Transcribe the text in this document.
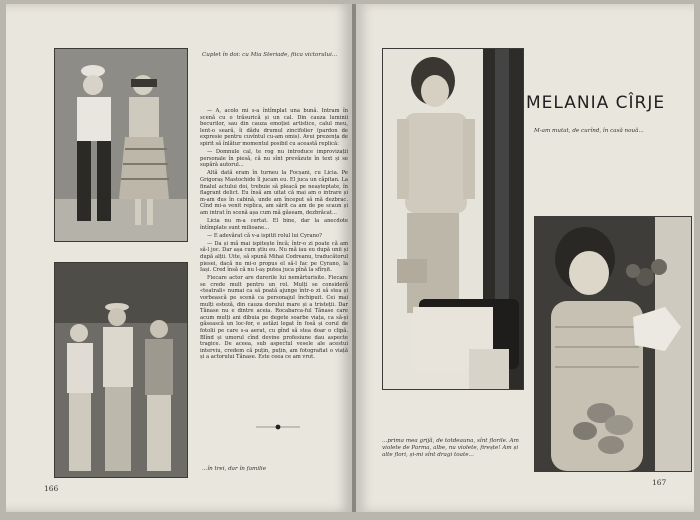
Cuplet în doi: cu Mia Steriade, fiica victorului...

— A, acolo mi s-a întîmplat una bună. Intram în scenă cu o trăsurică și un cal. Din cauza luminii becurilor, sau din cauza emoției artistice, calul meu, lent-o seară, îi dădu drumul zincifolier (pardon de expresie pentru cuvîntul cu-am omis). Avui prezența de spirit să înlătur momentul posibil cu această replică:

— Domnule cal, te rog nu introduce improvizații personale în piesă, că nu sînt prevăzute în text și se supără autorul...

Altă dată eram în turneu la Focșani, cu Licia. Pe Grigoraș Mastochide îl jucam eu. El juca un căpitan. La finalul actului doi, trebuie să pleacă pe neașteptate, în flagrant delict. Eu însă am uitat că mai am o intrare și m-am dus în cabină, unde am început să mă dezbrac. Cînd mi-a venit replica, am sărit ca am de pe scaun și am intrat în scenă așa cum mă găseam, dezbrăcat...

Licia nu m-a certat. El bine, dar la anecdote întîmplate sunt milioane...

— E adevărat că v-a ispitit rolul lui Cyrano?

— Da și mă mai ispitește încă; într-o zi poate că am să-l joc. Dar așa cum știu eu. Nu mă iau eu după unii și după alții. Uite, să spună Mihai Codreanu, traducătorul piesei, dacă nu mi-o propus el să-l fac pe Cyrano, la Iași. Cred însă că nu l-aș putea juca pînă la sfîrșit.

Fiecare actor are durerile lui nemărturisite. Fiecare se crede mult pentru un rol. Mulți se consideră «teatrali» numai ca să poată ajunge într-o zi să stea și vorbească pe scenă ca personajul închipuit. Cei mai mulți esteză, din cauza dorului mare și a tristeții. Dar Tănase nu e dintre aceia. Rocabarca-ful Tănase care acum mulți ani dibuia pe degete soarbe viața, ca să-și găsească un loc-for, e astăzi legat în fosă și corul de fotolii pe care s-a aerat, cu gînd să stea doar o clipă. Blînd și umorul cînd devine profesiune dau aspecte tragice. De aceea, sub aspectul vesele ale acestui interviu, credem că puțin, puțin, am fotografiat o viață și a actorului Tănase. Este ceea ce am vrut.

...în trei, dar în familie
166
MELANIA CÎRJE
M-am mutat, de curînd, în casă nouă...
...prima mea grijă, de totdeauna, sînt florile. Am violete de Parma, albe, nu violete, firește! Am și alte flori, și-mi sînt dragi toate...
167
